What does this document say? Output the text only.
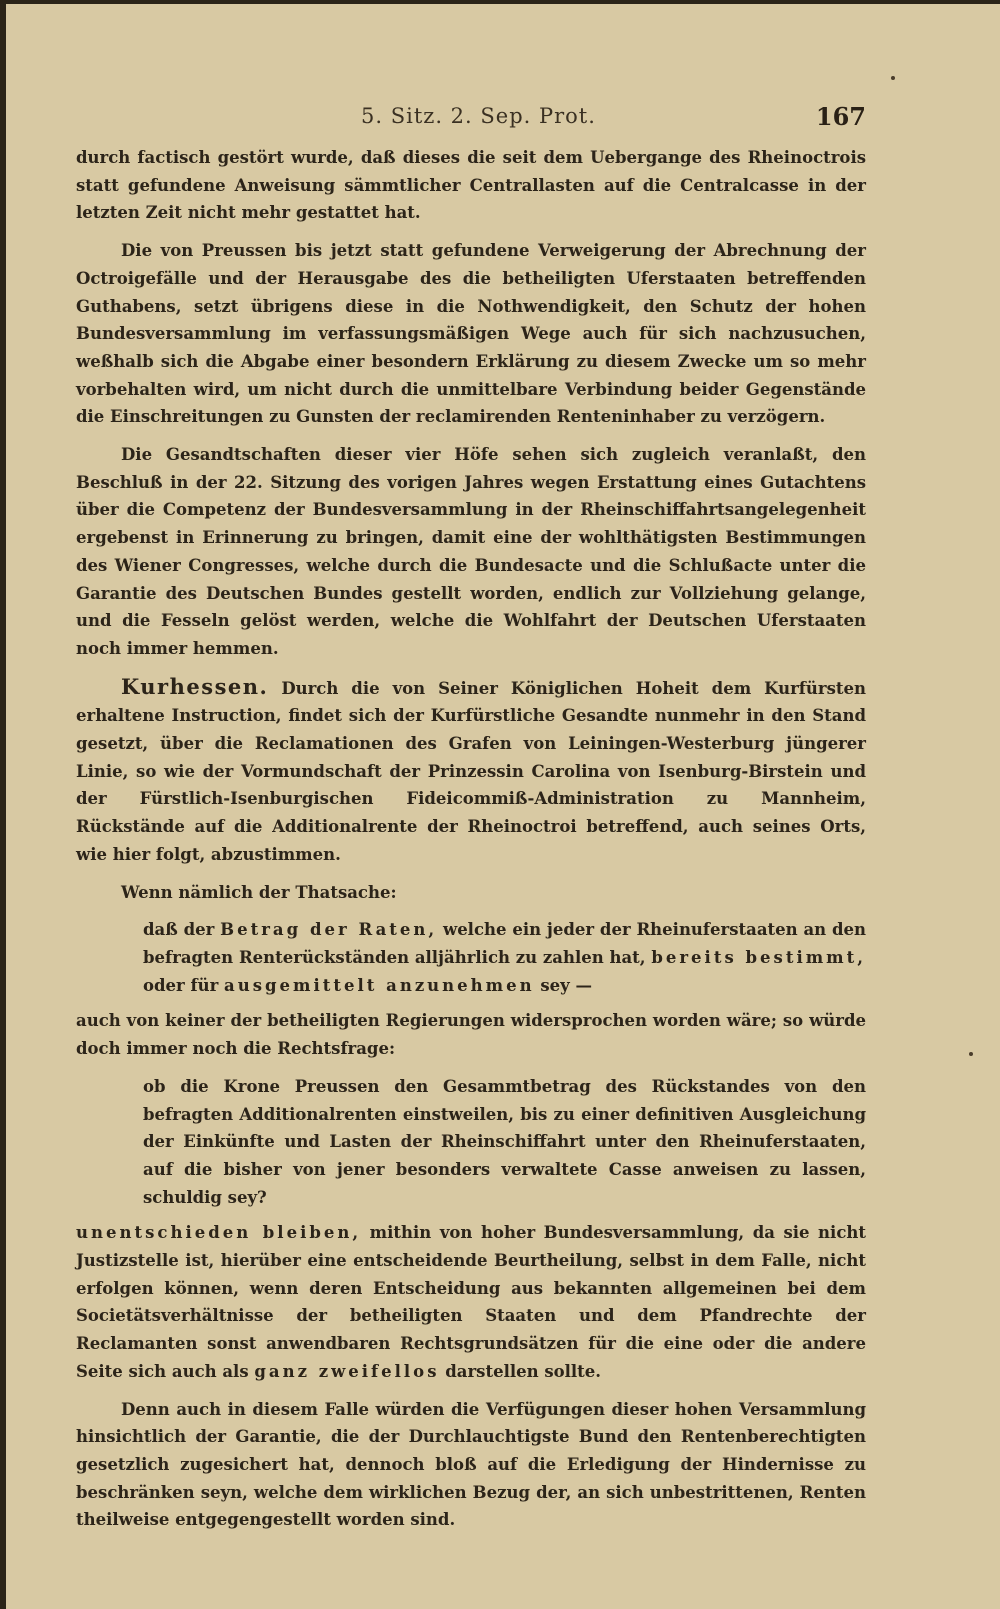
5. Sitz. 2. Sep. Prot.	167

durch factisch gestört wurde, daß dieses die seit dem Uebergange des Rheinoctrois statt gefundene Anweisung sämmtlicher Centrallasten auf die Centralcasse in der letzten Zeit nicht mehr gestattet hat.

Die von Preussen bis jetzt statt gefundene Verweigerung der Abrechnung der Octroigefälle und der Herausgabe des die betheiligten Uferstaaten betreffenden Guthabens, setzt übrigens diese in die Nothwendigkeit, den Schutz der hohen Bundesversammlung im verfassungsmäßigen Wege auch für sich nachzusuchen, weßhalb sich die Abgabe einer besondern Erklärung zu diesem Zwecke um so mehr vorbehalten wird, um nicht durch die unmittelbare Verbindung beider Gegenstände die Einschreitungen zu Gunsten der reclamirenden Renteninhaber zu verzögern.

Die Gesandtschaften dieser vier Höfe sehen sich zugleich veranlaßt, den Beschluß in der 22. Sitzung des vorigen Jahres wegen Erstattung eines Gutachtens über die Competenz der Bundesversammlung in der Rheinschiffahrtsangelegenheit ergebenst in Erinnerung zu bringen, damit eine der wohlthätigsten Bestimmungen des Wiener Congresses, welche durch die Bundesacte und die Schlußacte unter die Garantie des Deutschen Bundes gestellt worden, endlich zur Vollziehung gelange, und die Fesseln gelöst werden, welche die Wohlfahrt der Deutschen Uferstaaten noch immer hemmen.

Kurhessen. Durch die von Seiner Königlichen Hoheit dem Kurfürsten erhaltene Instruction, findet sich der Kurfürstliche Gesandte nunmehr in den Stand gesetzt, über die Reclamationen des Grafen von Leiningen-Westerburg jüngerer Linie, so wie der Vormundschaft der Prinzessin Carolina von Isenburg-Birstein und der Fürstlich-Isenburgischen Fideicommiß-Administration zu Mannheim, Rückstände auf die Additionalrente der Rheinoctroi betreffend, auch seines Orts, wie hier folgt, abzustimmen.

Wenn nämlich der Thatsache:

daß der Betrag der Raten, welche ein jeder der Rheinuferstaaten an den befragten Renterückständen alljährlich zu zahlen hat, bereits bestimmt, oder für ausgemittelt anzunehmen sey —

auch von keiner der betheiligten Regierungen widersprochen worden wäre; so würde doch immer noch die Rechtsfrage:

ob die Krone Preussen den Gesammtbetrag des Rückstandes von den befragten Additionalrenten einstweilen, bis zu einer definitiven Ausgleichung der Einkünfte und Lasten der Rheinschiffahrt unter den Rheinuferstaaten, auf die bisher von jener besonders verwaltete Casse anweisen zu lassen, schuldig sey?

unentschieden bleiben, mithin von hoher Bundesversammlung, da sie nicht Justizstelle ist, hierüber eine entscheidende Beurtheilung, selbst in dem Falle, nicht erfolgen können, wenn deren Entscheidung aus bekannten allgemeinen bei dem Societätsverhältnisse der betheiligten Staaten und dem Pfandrechte der Reclamanten sonst anwendbaren Rechtsgrundsätzen für die eine oder die andere Seite sich auch als ganz zweifellos darstellen sollte.

Denn auch in diesem Falle würden die Verfügungen dieser hohen Versammlung hinsichtlich der Garantie, die der Durchlauchtigste Bund den Rentenberechtigten gesetzlich zugesichert hat, dennoch bloß auf die Erledigung der Hindernisse zu beschränken seyn, welche dem wirklichen Bezug der, an sich unbestrittenen, Renten theilweise entgegengestellt worden sind.
